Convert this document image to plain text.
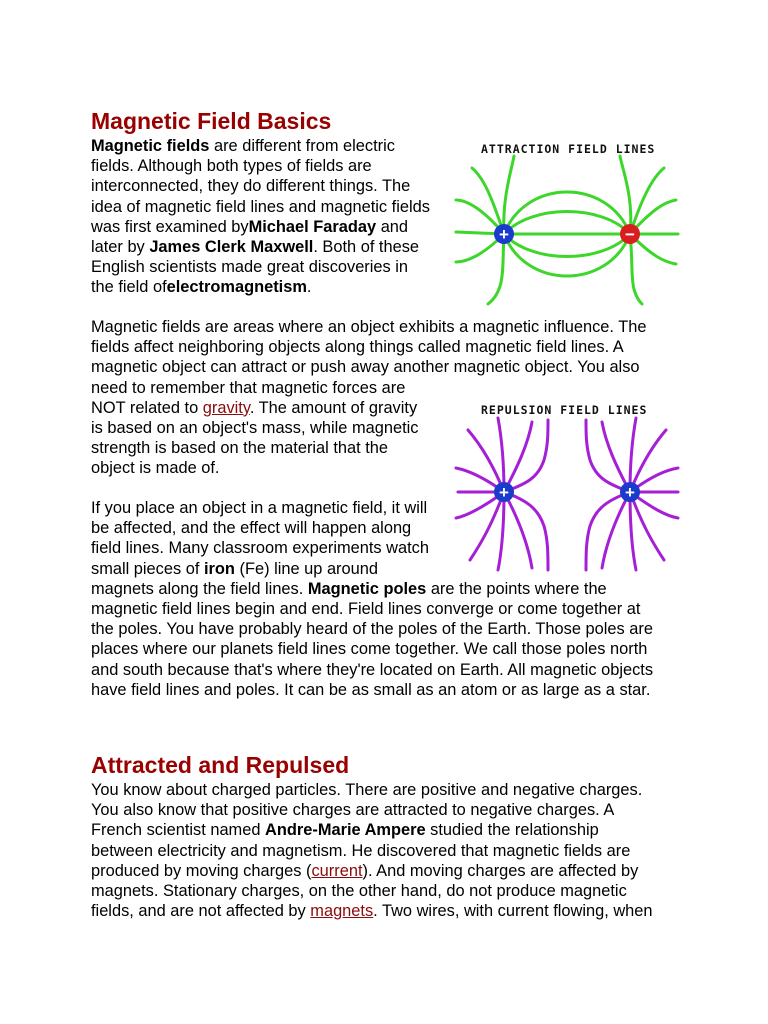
Magnetic Field Basics
Magnetic fields are different from electric
fields. Although both types of fields are
interconnected, they do different things. The
idea of magnetic field lines and magnetic fields
was first examined byMichael Faraday and
later by James Clerk Maxwell. Both of these
English scientists made great discoveries in
the field ofelectromagnetism.
ATTRACTION FIELD LINES
+	−
Magnetic fields are areas where an object exhibits a magnetic influence. The
fields affect neighboring objects along things called magnetic field lines. A
magnetic object can attract or push away another magnetic object. You also
need to remember that magnetic forces are
NOT related to gravity. The amount of gravity
is based on an object's mass, while magnetic
strength is based on the material that the
object is made of.
REPULSION FIELD LINES
+	+
If you place an object in a magnetic field, it will
be affected, and the effect will happen along
field lines. Many classroom experiments watch
small pieces of iron (Fe) line up around
magnets along the field lines. Magnetic poles are the points where the
magnetic field lines begin and end. Field lines converge or come together at
the poles. You have probably heard of the poles of the Earth. Those poles are
places where our planets field lines come together. We call those poles north
and south because that's where they're located on Earth. All magnetic objects
have field lines and poles. It can be as small as an atom or as large as a star.
Attracted and Repulsed
You know about charged particles. There are positive and negative charges.
You also know that positive charges are attracted to negative charges. A
French scientist named Andre-Marie Ampere studied the relationship
between electricity and magnetism. He discovered that magnetic fields are
produced by moving charges (current). And moving charges are affected by
magnets. Stationary charges, on the other hand, do not produce magnetic
fields, and are not affected by magnets. Two wires, with current flowing, when
